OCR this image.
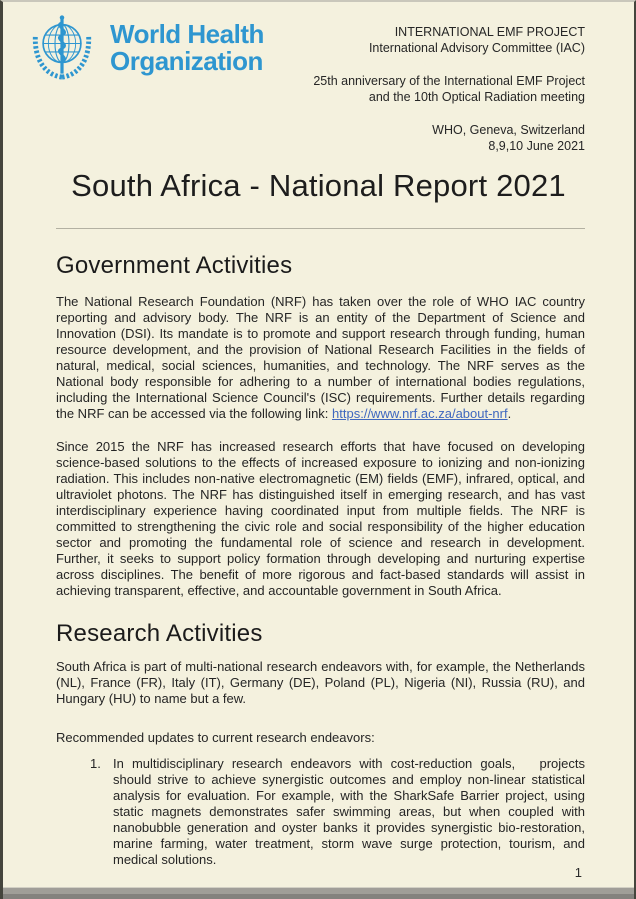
World Health
Organization
INTERNATIONAL EMF PROJECT
International Advisory Committee (IAC)
25th anniversary of the International EMF Project
and the 10th Optical Radiation meeting
WHO, Geneva, Switzerland
8,9,10 June 2021
South Africa - National Report 2021
Government Activities

The National Research Foundation (NRF) has taken over the role of WHO IAC country reporting and advisory body. The NRF is an entity of the Department of Science and Innovation (DSI). Its mandate is to promote and support research through funding, human resource development, and the provision of National Research Facilities in the fields of natural, medical, social sciences, humanities, and technology. The NRF serves as the National body responsible for adhering to a number of international bodies regulations, including the International Science Council's (ISC) requirements. Further details regarding the NRF can be accessed via the following link: https://www.nrf.ac.za/about-nrf.

Since 2015 the NRF has increased research efforts that have focused on developing science-based solutions to the effects of increased exposure to ionizing and non-ionizing radiation. This includes non-native electromagnetic (EM) fields (EMF), infrared, optical, and ultraviolet photons. The NRF has distinguished itself in emerging research, and has vast interdisciplinary experience having coordinated input from multiple fields. The NRF is committed to strengthening the civic role and social responsibility of the higher education sector and promoting the fundamental role of science and research in development. Further, it seeks to support policy formation through developing and nurturing expertise across disciplines. The benefit of more rigorous and fact-based standards will assist in achieving transparent, effective, and accountable government in South Africa.

Research Activities

South Africa is part of multi-national research endeavors with, for example, the Netherlands (NL), France (FR), Italy (IT), Germany (DE), Poland (PL), Nigeria (NI), Russia (RU), and Hungary (HU) to name but a few.

Recommended updates to current research endeavors:

1. In multidisciplinary research endeavors with cost-reduction goals,   projects should strive to achieve synergistic outcomes and employ non-linear statistical analysis for evaluation. For example, with the SharkSafe Barrier project, using static magnets demonstrates safer swimming areas, but when coupled with nanobubble generation and oyster banks it provides synergistic bio-restoration, marine farming, water treatment, storm wave surge protection, tourism, and medical solutions.
1
